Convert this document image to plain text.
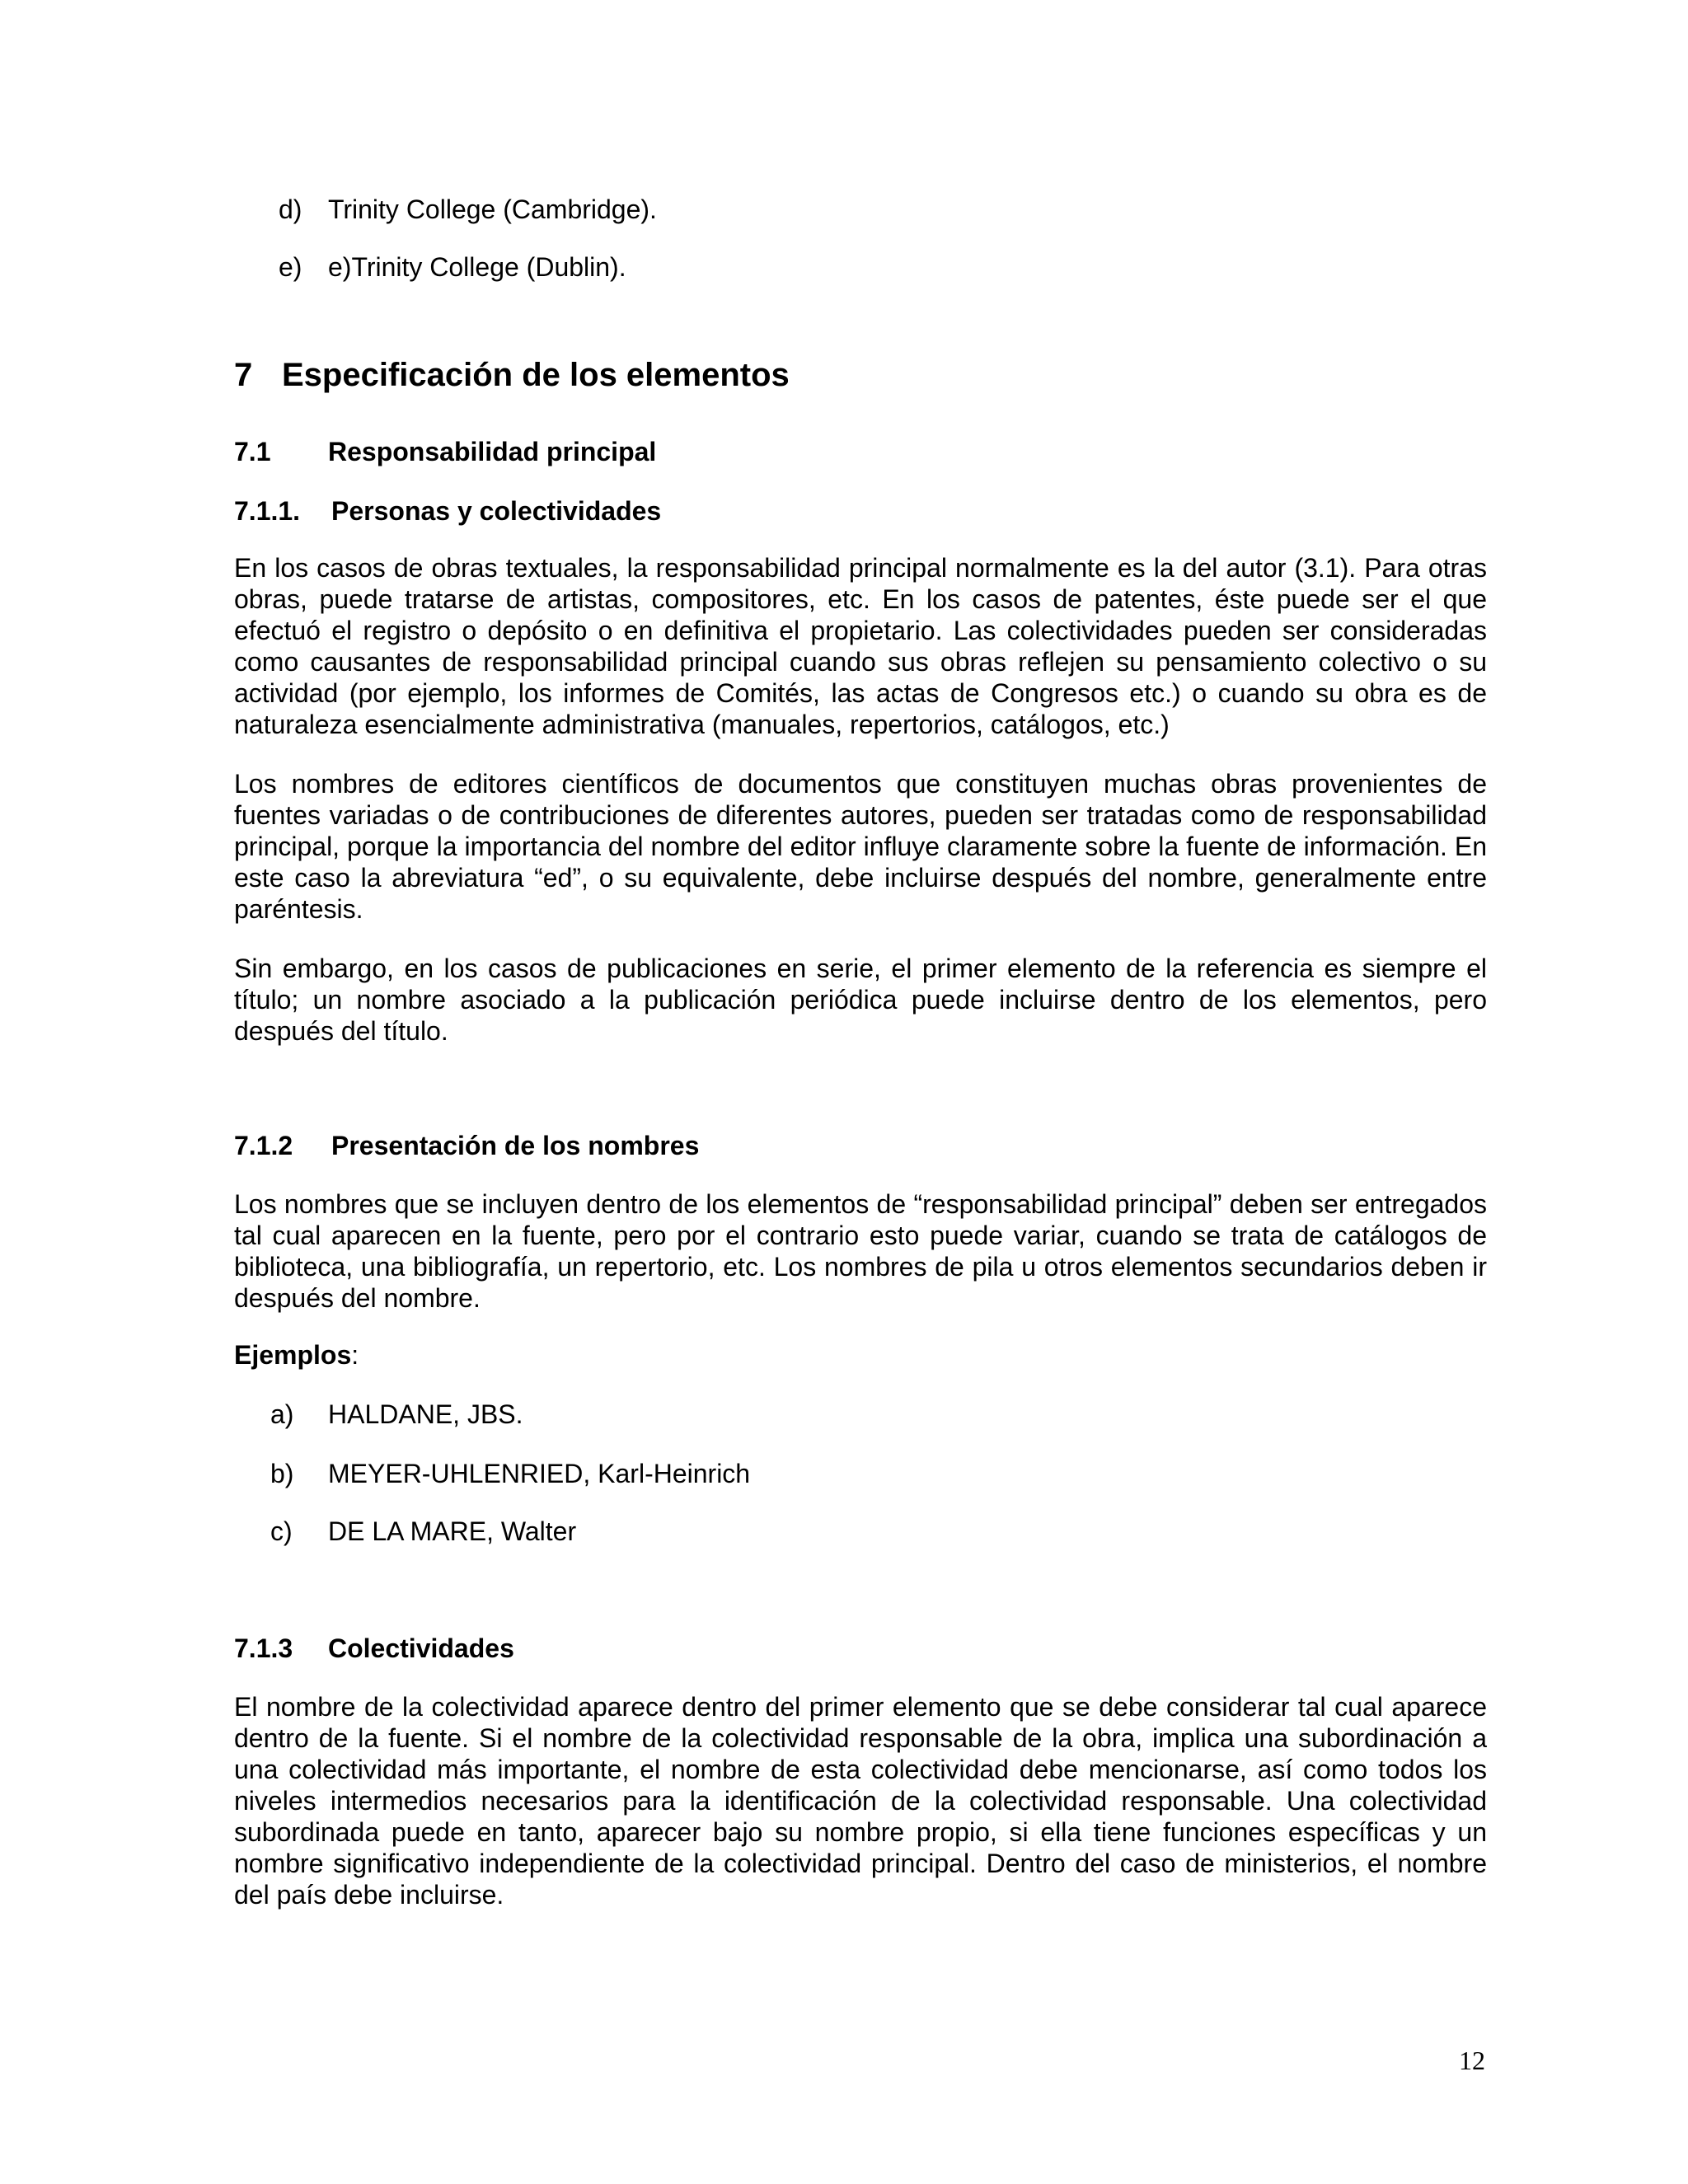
d) Trinity College (Cambridge).
e) e)Trinity College (Dublin).
7 Especificación de los elementos
7.1 Responsabilidad principal
7.1.1. Personas y colectividades
En los casos de obras textuales, la responsabilidad principal normalmente es la del autor (3.1). Para otras obras, puede tratarse de artistas, compositores, etc. En los casos de patentes, éste puede ser el que efectuó el registro o depósito o en definitiva el propietario. Las colectividades pueden ser consideradas como causantes de responsabilidad principal cuando sus obras reflejen su pensamiento colectivo o su actividad (por ejemplo, los informes de Comités, las actas de Congresos etc.) o cuando su obra es de naturaleza esencialmente administrativa (manuales, repertorios, catálogos, etc.)
Los nombres de editores científicos de documentos que constituyen muchas obras provenientes de fuentes variadas o de contribuciones de diferentes autores, pueden ser tratadas como de responsabilidad principal, porque la importancia del nombre del editor influye claramente sobre la fuente de información. En este caso la abreviatura “ed”, o su equivalente, debe incluirse después del nombre, generalmente entre paréntesis.
Sin embargo, en los casos de publicaciones en serie, el primer elemento de la referencia es siempre el título; un nombre asociado a la publicación periódica puede incluirse dentro de los elementos, pero después del título.
7.1.2 Presentación de los nombres
Los nombres que se incluyen dentro de los elementos de “responsabilidad principal” deben ser entregados tal cual aparecen en la fuente, pero por el contrario esto puede variar, cuando se trata de catálogos de biblioteca, una bibliografía, un repertorio, etc. Los nombres de pila u otros elementos secundarios deben ir después del nombre.
Ejemplos:
a) HALDANE, JBS.
b) MEYER-UHLENRIED, Karl-Heinrich
c) DE LA MARE, Walter
7.1.3 Colectividades
El nombre de la colectividad aparece dentro del primer elemento que se debe considerar tal cual aparece dentro de la fuente. Si el nombre de la colectividad responsable de la obra, implica una subordinación a una colectividad más importante, el nombre de esta colectividad debe mencionarse, así como todos los niveles intermedios necesarios para la identificación de la colectividad responsable. Una colectividad subordinada puede en tanto, aparecer bajo su nombre propio, si ella tiene funciones específicas y un nombre significativo independiente de la colectividad principal. Dentro del caso de ministerios, el nombre del país debe incluirse.
12
